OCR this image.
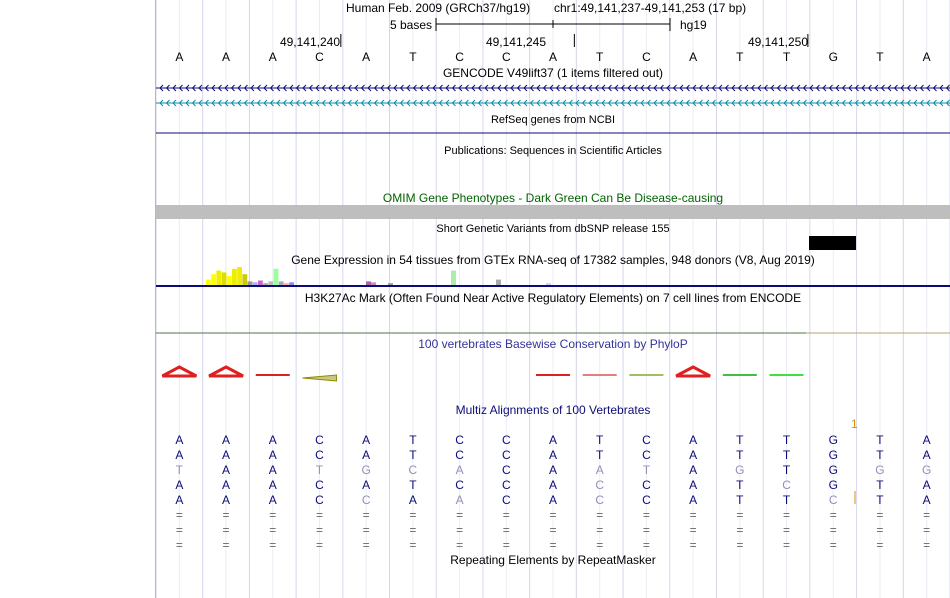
A	A	A	C	A	T	C	C	A	T	C	A	T	T	G	T	A
A	A	A	C	A	T	C	C	A	T	C	A	T	T	G	T	A
A	A	A	C	A	T	C	C	A	T	C	A	T	T	G	T	A
T	A	A	T	G	C	A	C	A	A	T	A	G	T	G	G	G
A	A	A	C	A	T	C	C	A	C	C	A	T	C	G	T	A
A	A	A	C	C	A	A	C	A	C	C	A	T	T	C	T	A
=	=	=	=	=	=	=	=	=	=	=	=	=	=	=	=	=
=	=	=	=	=	=	=	=	=	=	=	=	=	=	=	=	=
=	=	=	=	=	=	=	=	=	=	=	=	=	=	=	=	=
Human Feb. 2009 (GRCh37/hg19) chr1:49,141,237-49,141,253 (17 bp)
5 bases	hg19
49,141,240	49,141,245	49,141,250
GENCODE V49lift37 (1 items filtered out)
RefSeq genes from NCBI
Publications: Sequences in Scientific Articles
OMIM Gene Phenotypes - Dark Green Can Be Disease-causing
Short Genetic Variants from dbSNP release 155
Gene Expression in 54 tissues from GTEx RNA-seq of 17382 samples, 948 donors (V8, Aug 2019)
H3K27Ac Mark (Often Found Near Active Regulatory Elements) on 7 cell lines from ENCODE
100 vertebrates Basewise Conservation by PhyloP
Multiz Alignments of 100 Vertebrates
1
Repeating Elements by RepeatMasker
